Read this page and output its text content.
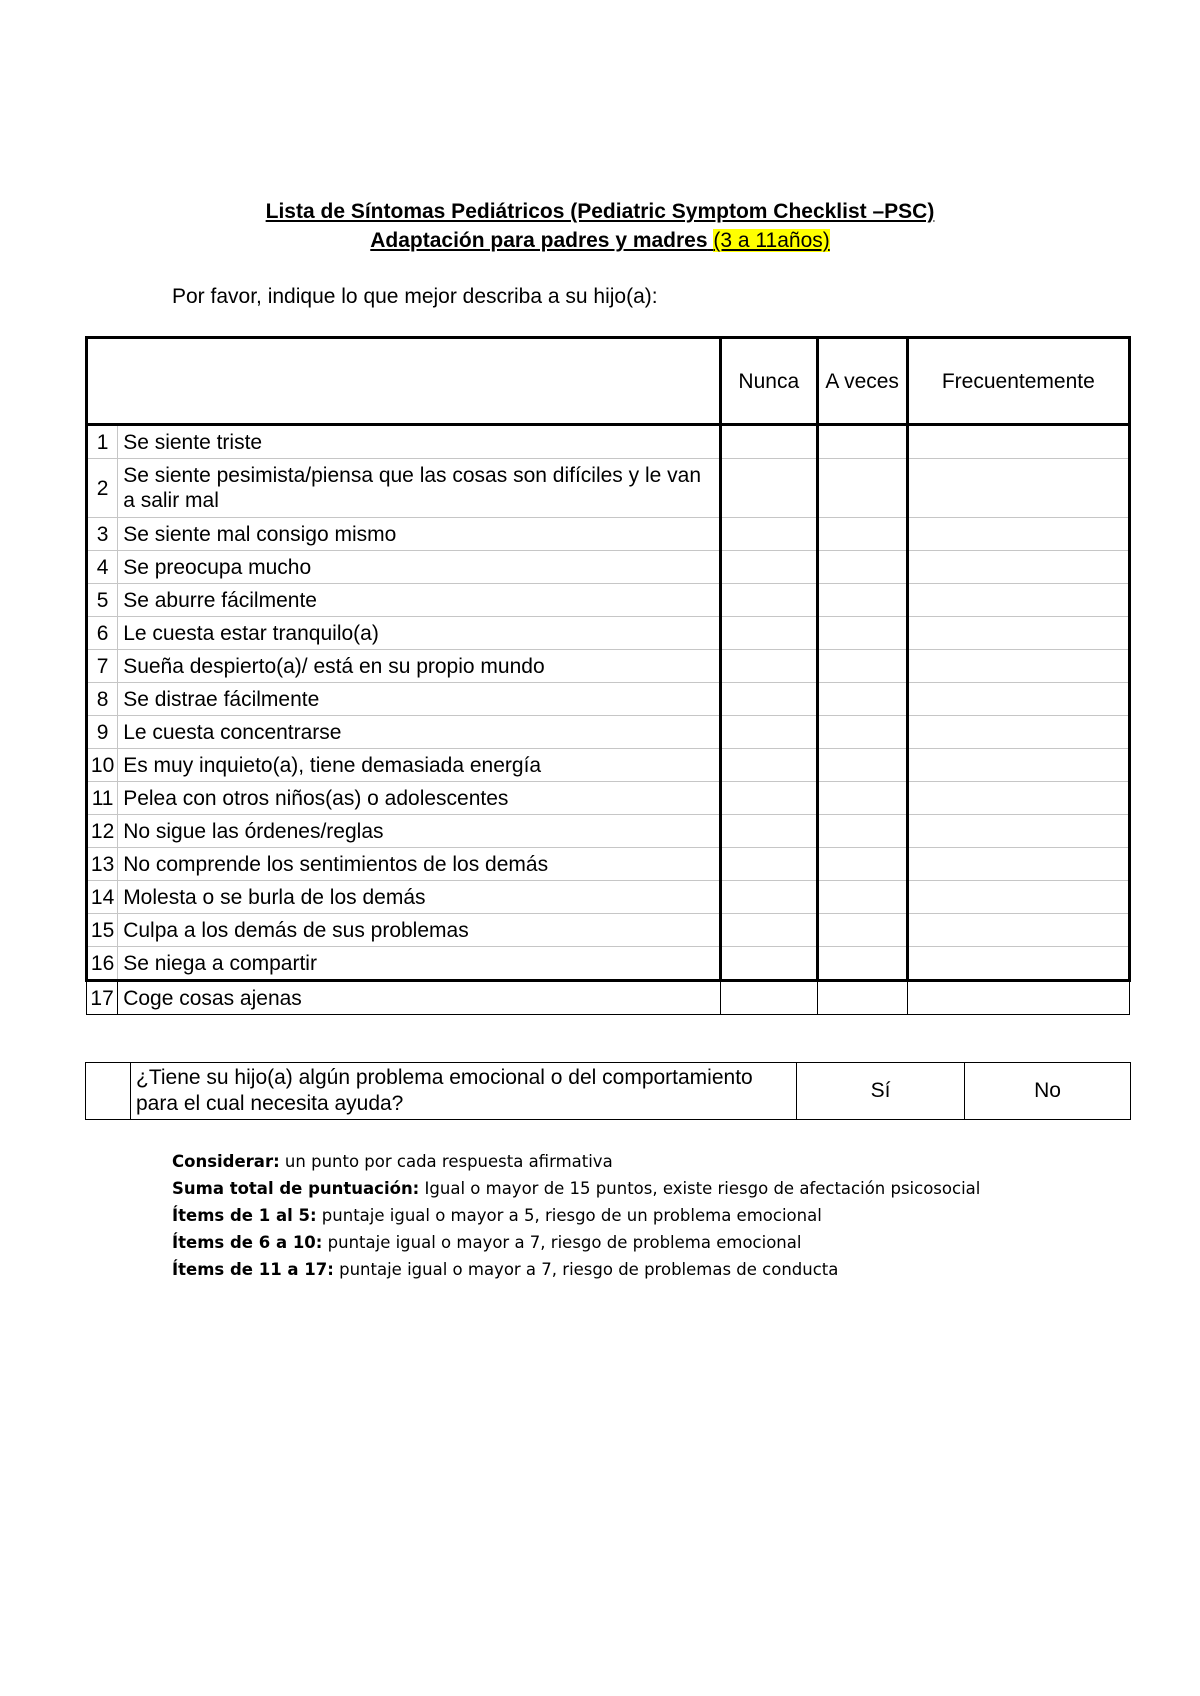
Lista de Síntomas Pediátricos (Pediatric Symptom Checklist –PSC)
Adaptación para padres y madres (3 a 11años)
Por favor, indique lo que mejor describa a su hijo(a):
		Nunca	A veces	Frecuentemente
1	Se siente triste			
2	Se siente pesimista/piensa que las cosas son difíciles y le van a salir mal			
3	Se siente mal consigo mismo			
4	Se preocupa mucho			
5	Se aburre fácilmente			
6	Le cuesta estar tranquilo(a)			
7	Sueña despierto(a)/ está en su propio mundo			
8	Se distrae fácilmente			
9	Le cuesta concentrarse			
10	Es muy inquieto(a), tiene demasiada energía			
11	Pelea con otros niños(as) o adolescentes			
12	No sigue las órdenes/reglas			
13	No comprende los sentimientos de los demás			
14	Molesta o se burla de los demás			
15	Culpa a los demás de sus problemas			
16	Se niega a compartir			
17	Coge cosas ajenas			
	¿Tiene su hijo(a) algún problema emocional o del comportamiento para el cual necesita ayuda?	Sí	No
Considerar: un punto por cada respuesta afirmativa
Suma total de puntuación: Igual o mayor de 15 puntos, existe riesgo de afectación psicosocial
Ítems de 1 al 5: puntaje igual o mayor a 5, riesgo de un problema emocional
Ítems de 6 a 10: puntaje igual o mayor a 7, riesgo de problema emocional
Ítems de 11 a 17: puntaje igual o mayor a 7, riesgo de problemas de conducta
